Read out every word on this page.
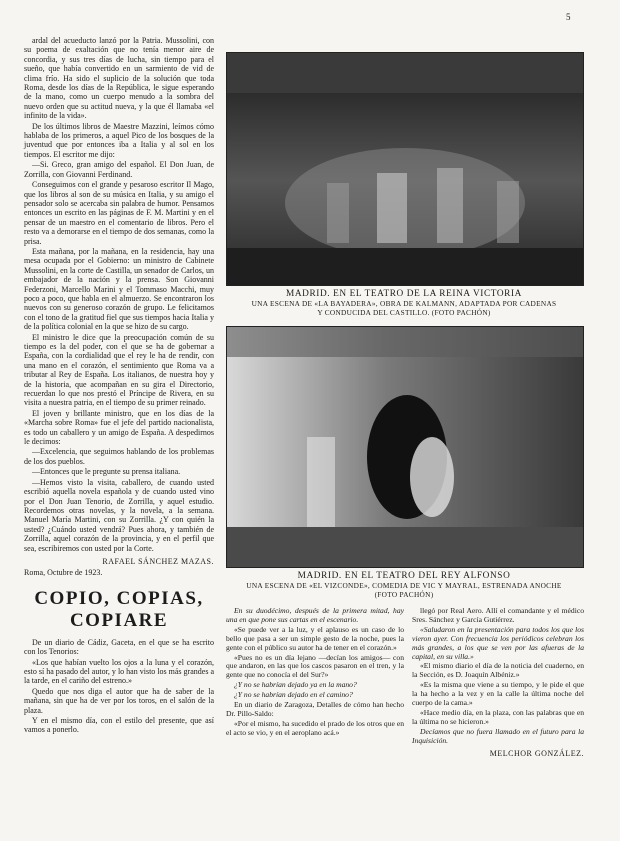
5

ardal del acueducto lanzó por la Patria. Mussolini, con su poema de exaltación que no tenía menor aire de concordia, y sus tres días de lucha, sin tiempo para el sueño, que había convertido en un sarmiento de vid de clima frío. Ha sido el suplicio de la solución que toda Roma, desde los días de la República, le sigue esperando de la mano, como un cuerpo menudo a la sombra del nuevo orden que su actitud nueva, y la que él llamaba «el infinito de la vida».

De los últimos libros de Maestre Mazzini, leímos cómo hablaba de los primeros, a aquel Pico de los bosques de la juventud que por entonces iba a Italia y al sol en los tiempos. El escritor me dijo:

—Si. Greco, gran amigo del español. El Don Juan, de Zorrilla, con Giovanni Ferdinand.

Conseguimos con el grande y pesaroso escritor Il Mago, que los libros al son de su música en Italia, y su amigo el pensador solo se acercaba sin palabra de humor. Pensamos entonces un escrito en las páginas de F. M. Martini y en el pensar de un maestro en el comentario de libros. Pero el resto va a demorarse en el tiempo de dos semanas, como la prisa.

Esta mañana, por la mañana, en la residencia, hay una mesa ocupada por el Gobierno: un ministro de Cabinete Mussolini, en la corte de Castilla, un senador de Carlos, un embajador de la nación y la prensa. Son Giovanni Federzoni, Marcello Marini y el Tommaso Macchi, muy poco a poco, que habla en el almuerzo. Se encontraron los nuevos con su generoso corazón de grupo. Le felicitamos con el tono de la gratitud fiel que sus tiempos hacia Italia y de la política colonial en la que se hizo de su cargo.

El ministro le dice que la preocupación común de su tiempo es la del poder, con el que se ha de gobernar a España, con la cordialidad que el rey le ha de rendir, con una mano en el corazón, el sentimiento que Roma va a tributar al Rey de España. Los italianos, de nuestra hoy y de la historia, que acompañan en su gira el Directorio, recuerdan lo que nos prestó el Príncipe de Rivera, en su visita a nuestra patria, en el tiempo de su primer reinado.

El joven y brillante ministro, que en los días de la «Marcha sobre Roma» fue el jefe del partido nacionalista, es todo un caballero y un amigo de España. A despedirnos le decimos:

—Excelencia, que seguimos hablando de los problemas de los dos pueblos.

—Entonces que le pregunte su prensa italiana.

—Hemos visto la visita, caballero, de cuando usted escribió aquella novela española y de cuando usted vino por el Don Juan Tenorio, de Zorrilla, y aquel estudio. Recordemos otras novelas, y la novela, a la semana. Manuel María Martini, con su Zorrilla. ¿Y con quién la usted? ¿Cuándo usted vendrá? Pues ahora, y también de Zorrilla, aquel corazón de la provincia, y en el perfil que sea, escribiremos con usted por la Corte.

RAFAEL SÁNCHEZ MAZAS.

Roma, Octubre de 1923.

COPIO, COPIAS,
COPIARE

De un diario de Cádiz, Gaceta, en el que se ha escrito con los Tenorios:

«Los que habían vuelto los ojos a la luna y el corazón, esto sí ha pasado del autor, y lo han visto los más grandes a la tarde, en el cariño del estreno.»

Quedo que nos diga el autor que ha de saber de la mañana, sin que ha de ver por los toros, en el salón de la plaza.

Y en el mismo día, con el estilo del presente, que así vamos a ponerlo.

MADRID. EN EL TEATRO DE LA REINA VICTORIA
UNA ESCENA DE «LA BAYADERA», OBRA DE KALMANN, ADAPTADA POR CADENAS
Y CONDUCIDA DEL CASTILLO. (FOTO PACHÓN)
MADRID. EN EL TEATRO DEL REY ALFONSO
UNA ESCENA DE «EL VIZCONDE», COMEDIA DE VIC Y MAYRAL, ESTRENADA ANOCHE
(FOTO PACHÓN)

En su duodécimo, después de la primera mitad, hay una en que pone sus cartas en el escenario.

«Se puede ver a la luz, y el aplauso es un caso de lo bello que pasa a ser un simple gesto de la noche, pues la gente con el público su autor ha de tener en el corazón.»

«Pues no es un día lejano —decían los amigos— con que andaron, en las que los cascos pasaron en el tren, y la gente que no conocía el del Sur?»

¿Y no se habrían dejado ya en la mano?

¿Y no se habrían dejado en el camino?

En un diario de Zaragoza, Detalles de cómo han hecho Dr. Pillo-Saldo:

«Por el mismo, ha sucedido el prado de los otros que en el acto se vio, y en el aeroplano acá.»

llegó por Real Aero. Allí el comandante y el médico Sres. Sánchez y García Gutiérrez.

«Saludaron en la presentación para todos los que los vieron ayer. Con frecuencia los periódicos celebran los más grandes, a los que se ven por las afueras de la capital, en su villa.»

«El mismo diario el día de la noticia del cuaderno, en la Sección, es D. Joaquín Albéniz.»

«Es la misma que viene a su tiempo, y le pide el que la ha hecho a la vez y en la calle la última noche del cuerpo de la cama.»

«Hace medio día, en la plaza, con las palabras que en la última no se hicieron.»

Decíamos que no fuera llamado en el futuro para la Inquisición.

MELCHOR GONZÁLEZ.
